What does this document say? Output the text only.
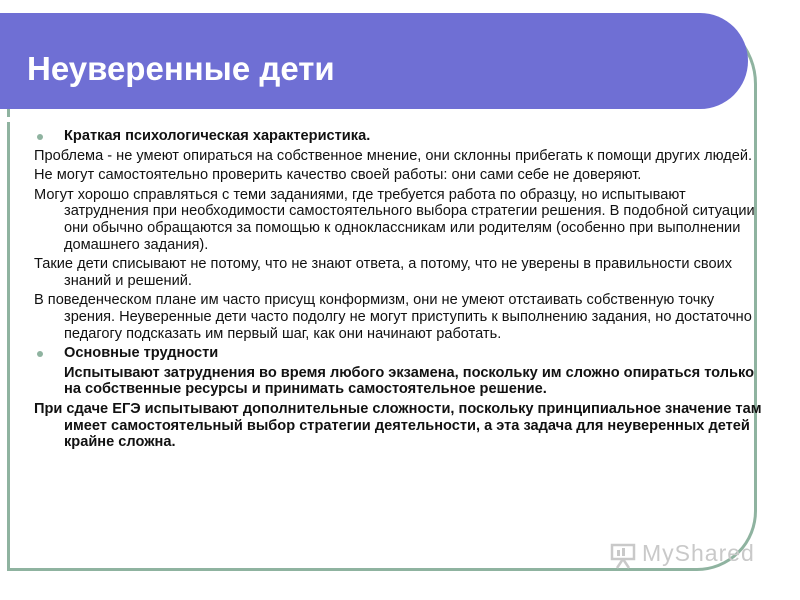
Неуверенные дети

Краткая психологическая характеристика.

Проблема - не умеют опираться на собственное мнение, они склонны прибегать к помощи других людей.

Не могут самостоятельно проверить качество своей работы: они сами себе не доверяют.

Могут хорошо справляться с теми заданиями, где требуется работа по образцу, но испытывают затруднения при необходимости самостоятельного выбора стратегии решения. В подобной ситуации они обычно обращаются за помощью к одноклассникам или родителям (особенно при выполнении домашнего задания).

Такие дети списывают не потому, что не знают ответа, а потому, что не уверены в правильности своих знаний и решений.

В поведенческом плане им часто присущ конформизм, они не умеют отстаивать собственную точку зрения. Неуверенные дети часто подолгу не могут приступить к выполнению задания, но достаточно педагогу подсказать им первый шаг, как они начинают работать.

Основные трудности

Испытывают затруднения во время любого экзамена, поскольку им сложно опираться только на собственные ресурсы и принимать самостоятельное решение.

При сдаче ЕГЭ испытывают дополнительные сложности, поскольку принципиальное значение там имеет самостоятельный выбор стратегии деятельности, а эта задача для неуверенных детей крайне сложна.

MyShared
